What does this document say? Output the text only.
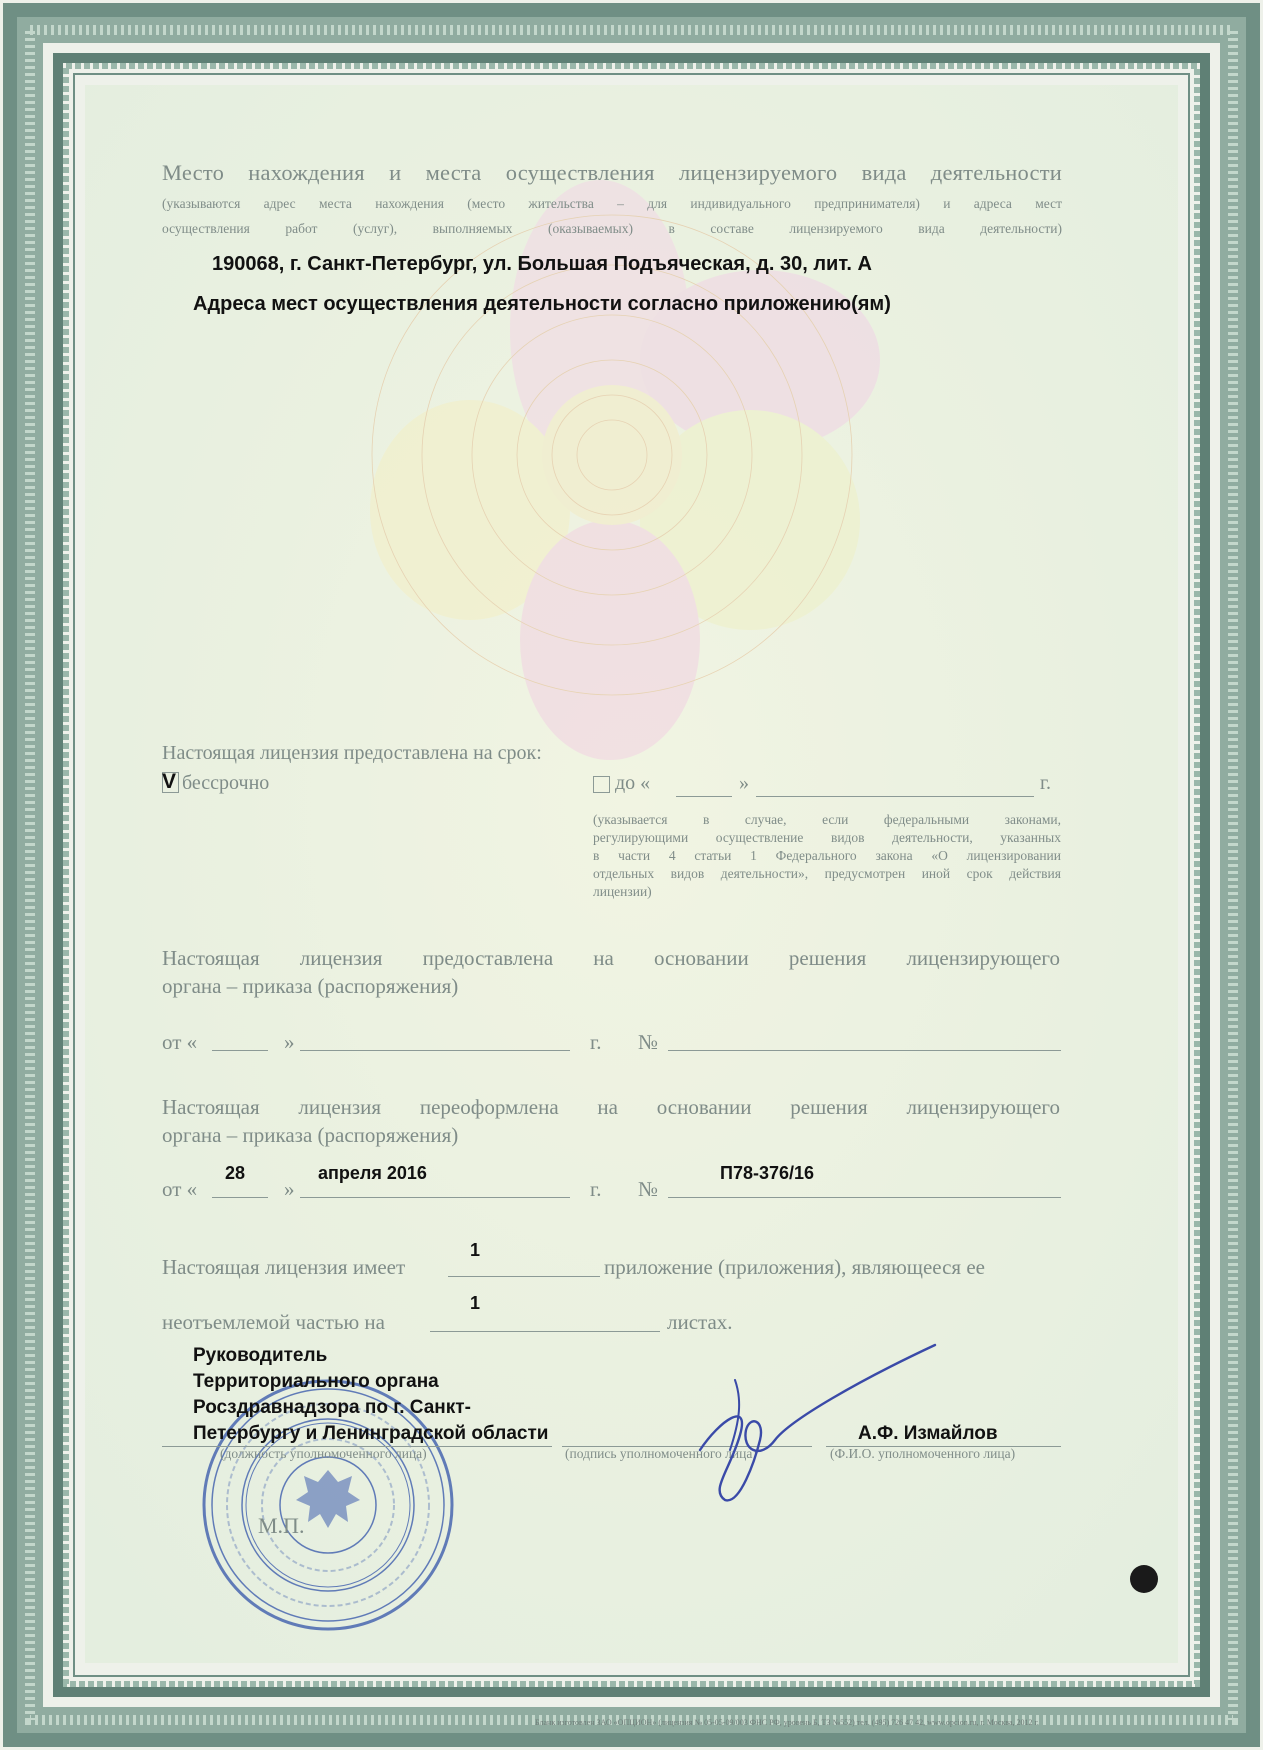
Место нахождения и места осуществления лицензируемого вида деятельности
(указываются адрес места нахождения (место жительства – для индивидуального предпринимателя) и адреса мест
осуществления работ (услуг), выполняемых (оказываемых) в составе лицензируемого вида деятельности)
190068, г. Санкт-Петербург, ул. Большая Подъяческая, д. 30, лит. А
Адреса мест осуществления деятельности согласно приложению(ям)
Настоящая лицензия предоставлена на срок:
V бессрочно	до «	»	г.
(указывается в случае, если федеральными законами,
регулирующими осуществление видов деятельности, указанных
в части 4 статьи 1 Федерального закона «О лицензировании
отдельных видов деятельности», предусмотрен иной срок действия
лицензии)
Настоящая лицензия предоставлена на основании решения лицензирующего
органа – приказа (распоряжения)
от «	»	г. №
Настоящая лицензия переоформлена на основании решения лицензирующего
органа – приказа (распоряжения)
от «
28
»
апреля 2016
г. №
П78-376/16
Настоящая лицензия имеет
1
приложение (приложения), являющееся ее
неотъемлемой частью на
1
листах.
Руководитель
Территориального органа
Росздравнадзора по г. Санкт-
Петербургу и Ленинградской области	А.Ф. Измайлов
(должность уполномоченного лица)	(подпись уполномоченного лица)	(Ф.И.О. уполномоченного лица)
М.П.
Бланк изготовлен ЗАО «ОПЦИОН» (лицензия № 05-05-09/003 ФНС РФ, уровень Б, ТЗ №552) тел. (495) 726 47 42, www.opcion.ru, г. Москва, 2012 г.
